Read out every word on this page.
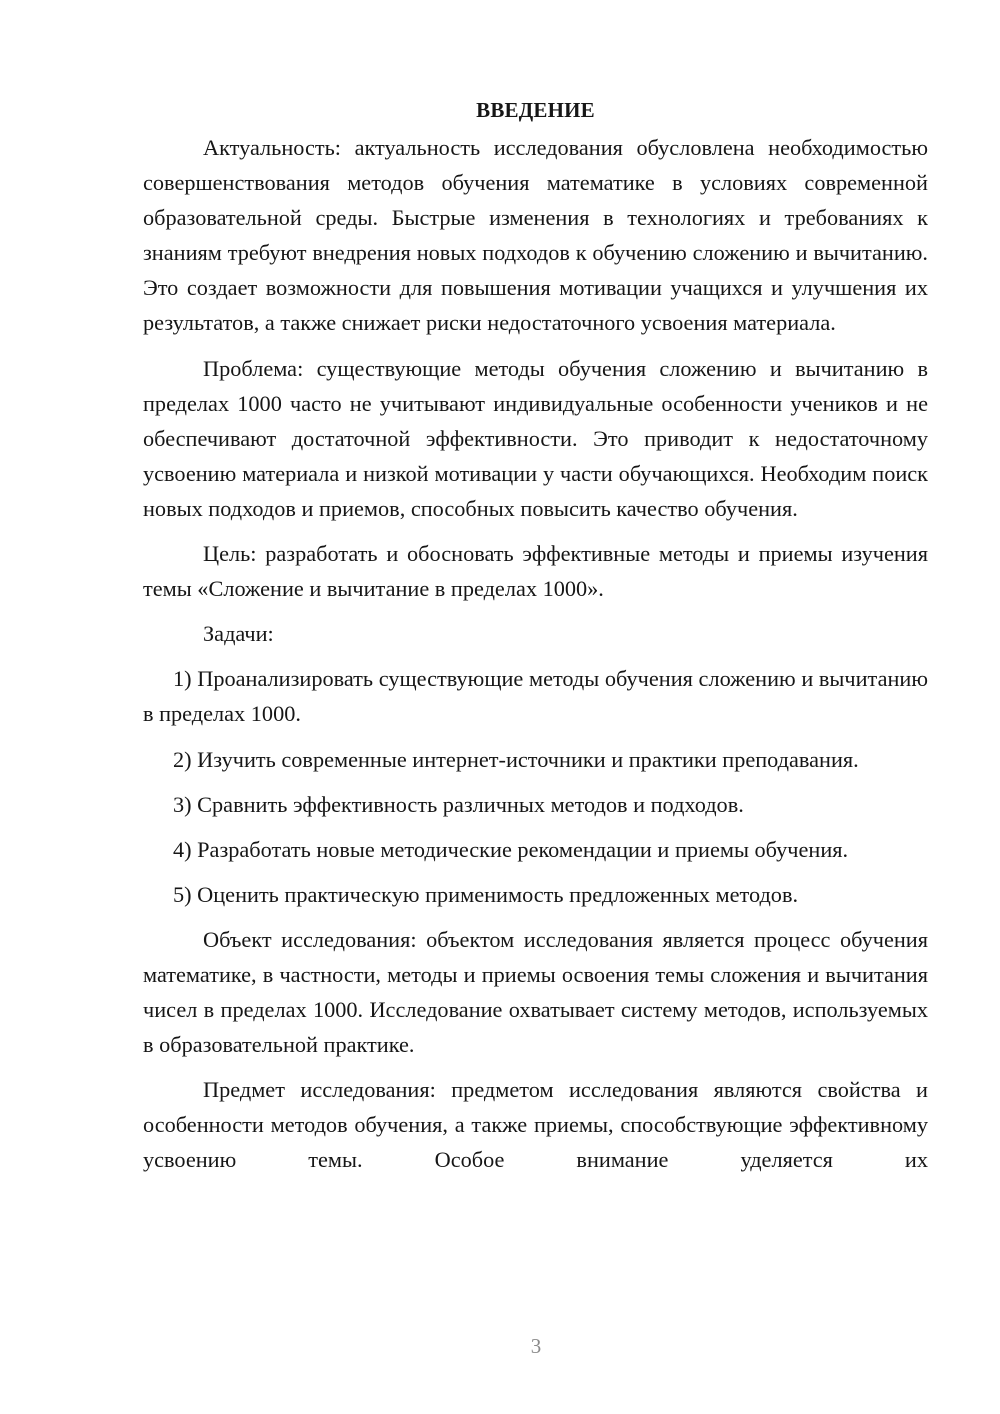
ВВЕДЕНИЕ

Актуальность: актуальность исследования обусловлена необходимостью совершенствования методов обучения математике в условиях современной образовательной среды. Быстрые изменения в технологиях и требованиях к знаниям требуют внедрения новых подходов к обучению сложению и вычитанию. Это создает возможности для повышения мотивации учащихся и улучшения их результатов, а также снижает риски недостаточного усвоения материала.

Проблема: существующие методы обучения сложению и вычитанию в пределах 1000 часто не учитывают индивидуальные особенности учеников и не обеспечивают достаточной эффективности. Это приводит к недостаточному усвоению материала и низкой мотивации у части обучающихся. Необходим поиск новых подходов и приемов, способных повысить качество обучения.

Цель: разработать и обосновать эффективные методы и приемы изучения темы «Сложение и вычитание в пределах 1000».

Задачи:

1) Проанализировать существующие методы обучения сложению и вычитанию в пределах 1000.

2) Изучить современные интернет-источники и практики преподавания.

3) Сравнить эффективность различных методов и подходов.

4) Разработать новые методические рекомендации и приемы обучения.

5) Оценить практическую применимость предложенных методов.

Объект исследования: объектом исследования является процесс обучения математике, в частности, методы и приемы освоения темы сложения и вычитания чисел в пределах 1000. Исследование охватывает систему методов, используемых в образовательной практике.

Предмет исследования: предметом исследования являются свойства и особенности методов обучения, а также приемы, способствующие эффективному усвоению темы. Особое внимание уделяется их

3
